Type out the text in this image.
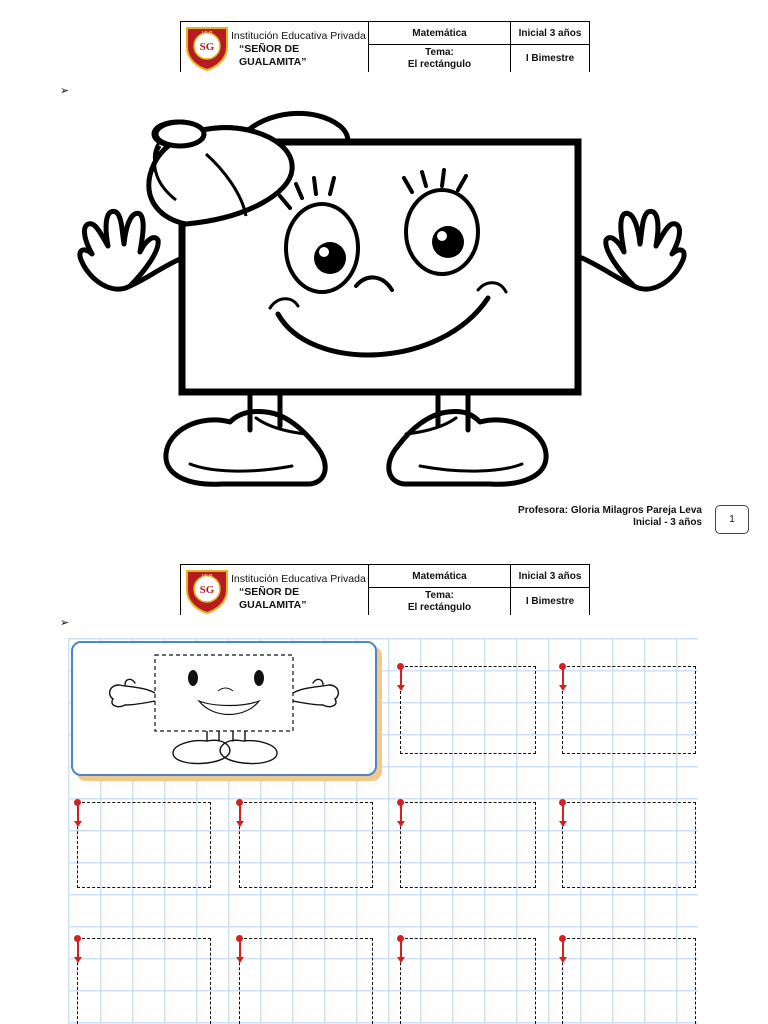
SG
I.E.P Institución Educativa Privada
“SEÑOR DE GUALAMITA”
Matemática
Tema:
El rectángulo
Inicial 3 años
I Bimestre
➢
Profesora: Gloria Milagros Pareja Leva
Inicial - 3 años	1
SG
I.E.P Institución Educativa Privada
“SEÑOR DE GUALAMITA”
Matemática
Tema:
El rectángulo
Inicial 3 años
I Bimestre
➢
